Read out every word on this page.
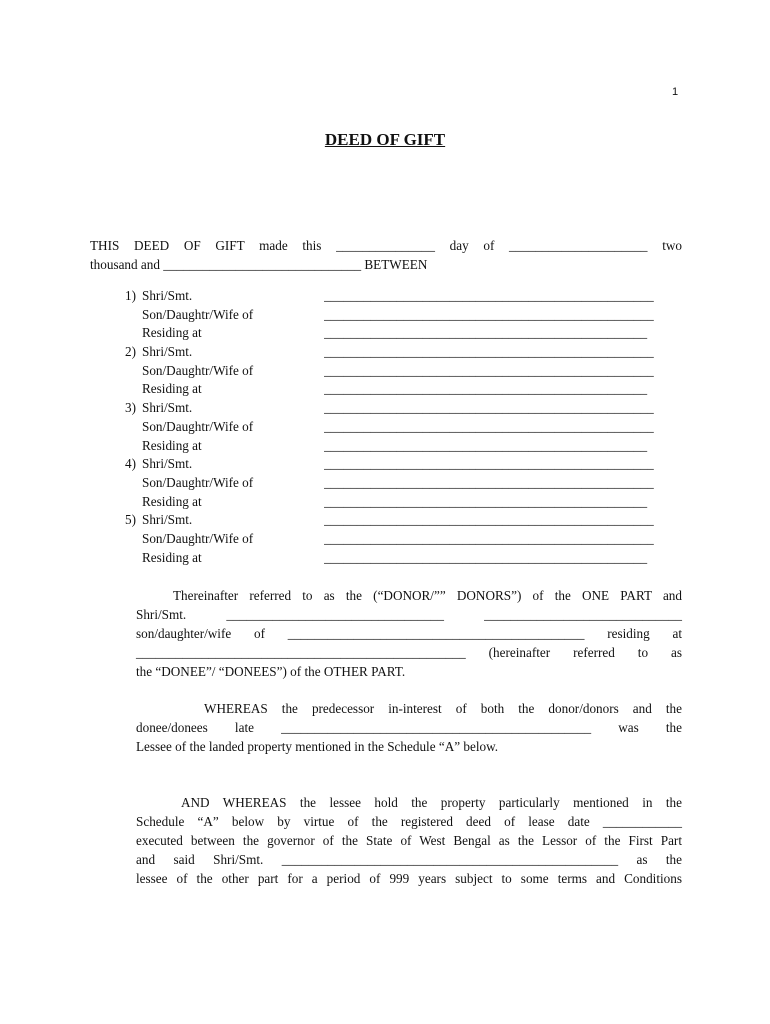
1
DEED OF GIFT
THIS DEED OF GIFT made this _______________ day of _____________________ two
thousand and ______________________________ BETWEEN
1) Shri/Smt.	__________________________________________________
Son/Daughtr/Wife of	__________________________________________________
Residing at	_________________________________________________
2) Shri/Smt.	__________________________________________________
Son/Daughtr/Wife of	__________________________________________________
Residing at	_________________________________________________
3) Shri/Smt.	__________________________________________________
Son/Daughtr/Wife of	__________________________________________________
Residing at	_________________________________________________
4) Shri/Smt.	__________________________________________________
Son/Daughtr/Wife of	__________________________________________________
Residing at	_________________________________________________
5) Shri/Smt.	__________________________________________________
Son/Daughtr/Wife of	__________________________________________________
Residing at	_________________________________________________
Thereinafter referred to as the (“DONOR/”” DONORS”) of the ONE PART and
Shri/Smt. _________________________________ ______________________________
son/daughter/wife of _____________________________________________ residing at
__________________________________________________ (hereinafter referred to as
the “DONEE”/ “DONEES”) of the OTHER PART.
WHEREAS the predecessor in-interest of both the donor/donors and the
donee/donees late _______________________________________________ was the
Lessee of the landed property mentioned in the Schedule “A” below.
AND WHEREAS the lessee hold the property particularly mentioned in the
Schedule “A” below by virtue of the registered deed of lease date ____________
executed between the governor of the State of West Bengal as the Lessor of the First Part
and said Shri/Smt. ___________________________________________________ as the
lessee of the other part for a period of 999 years subject to some terms and Conditions
